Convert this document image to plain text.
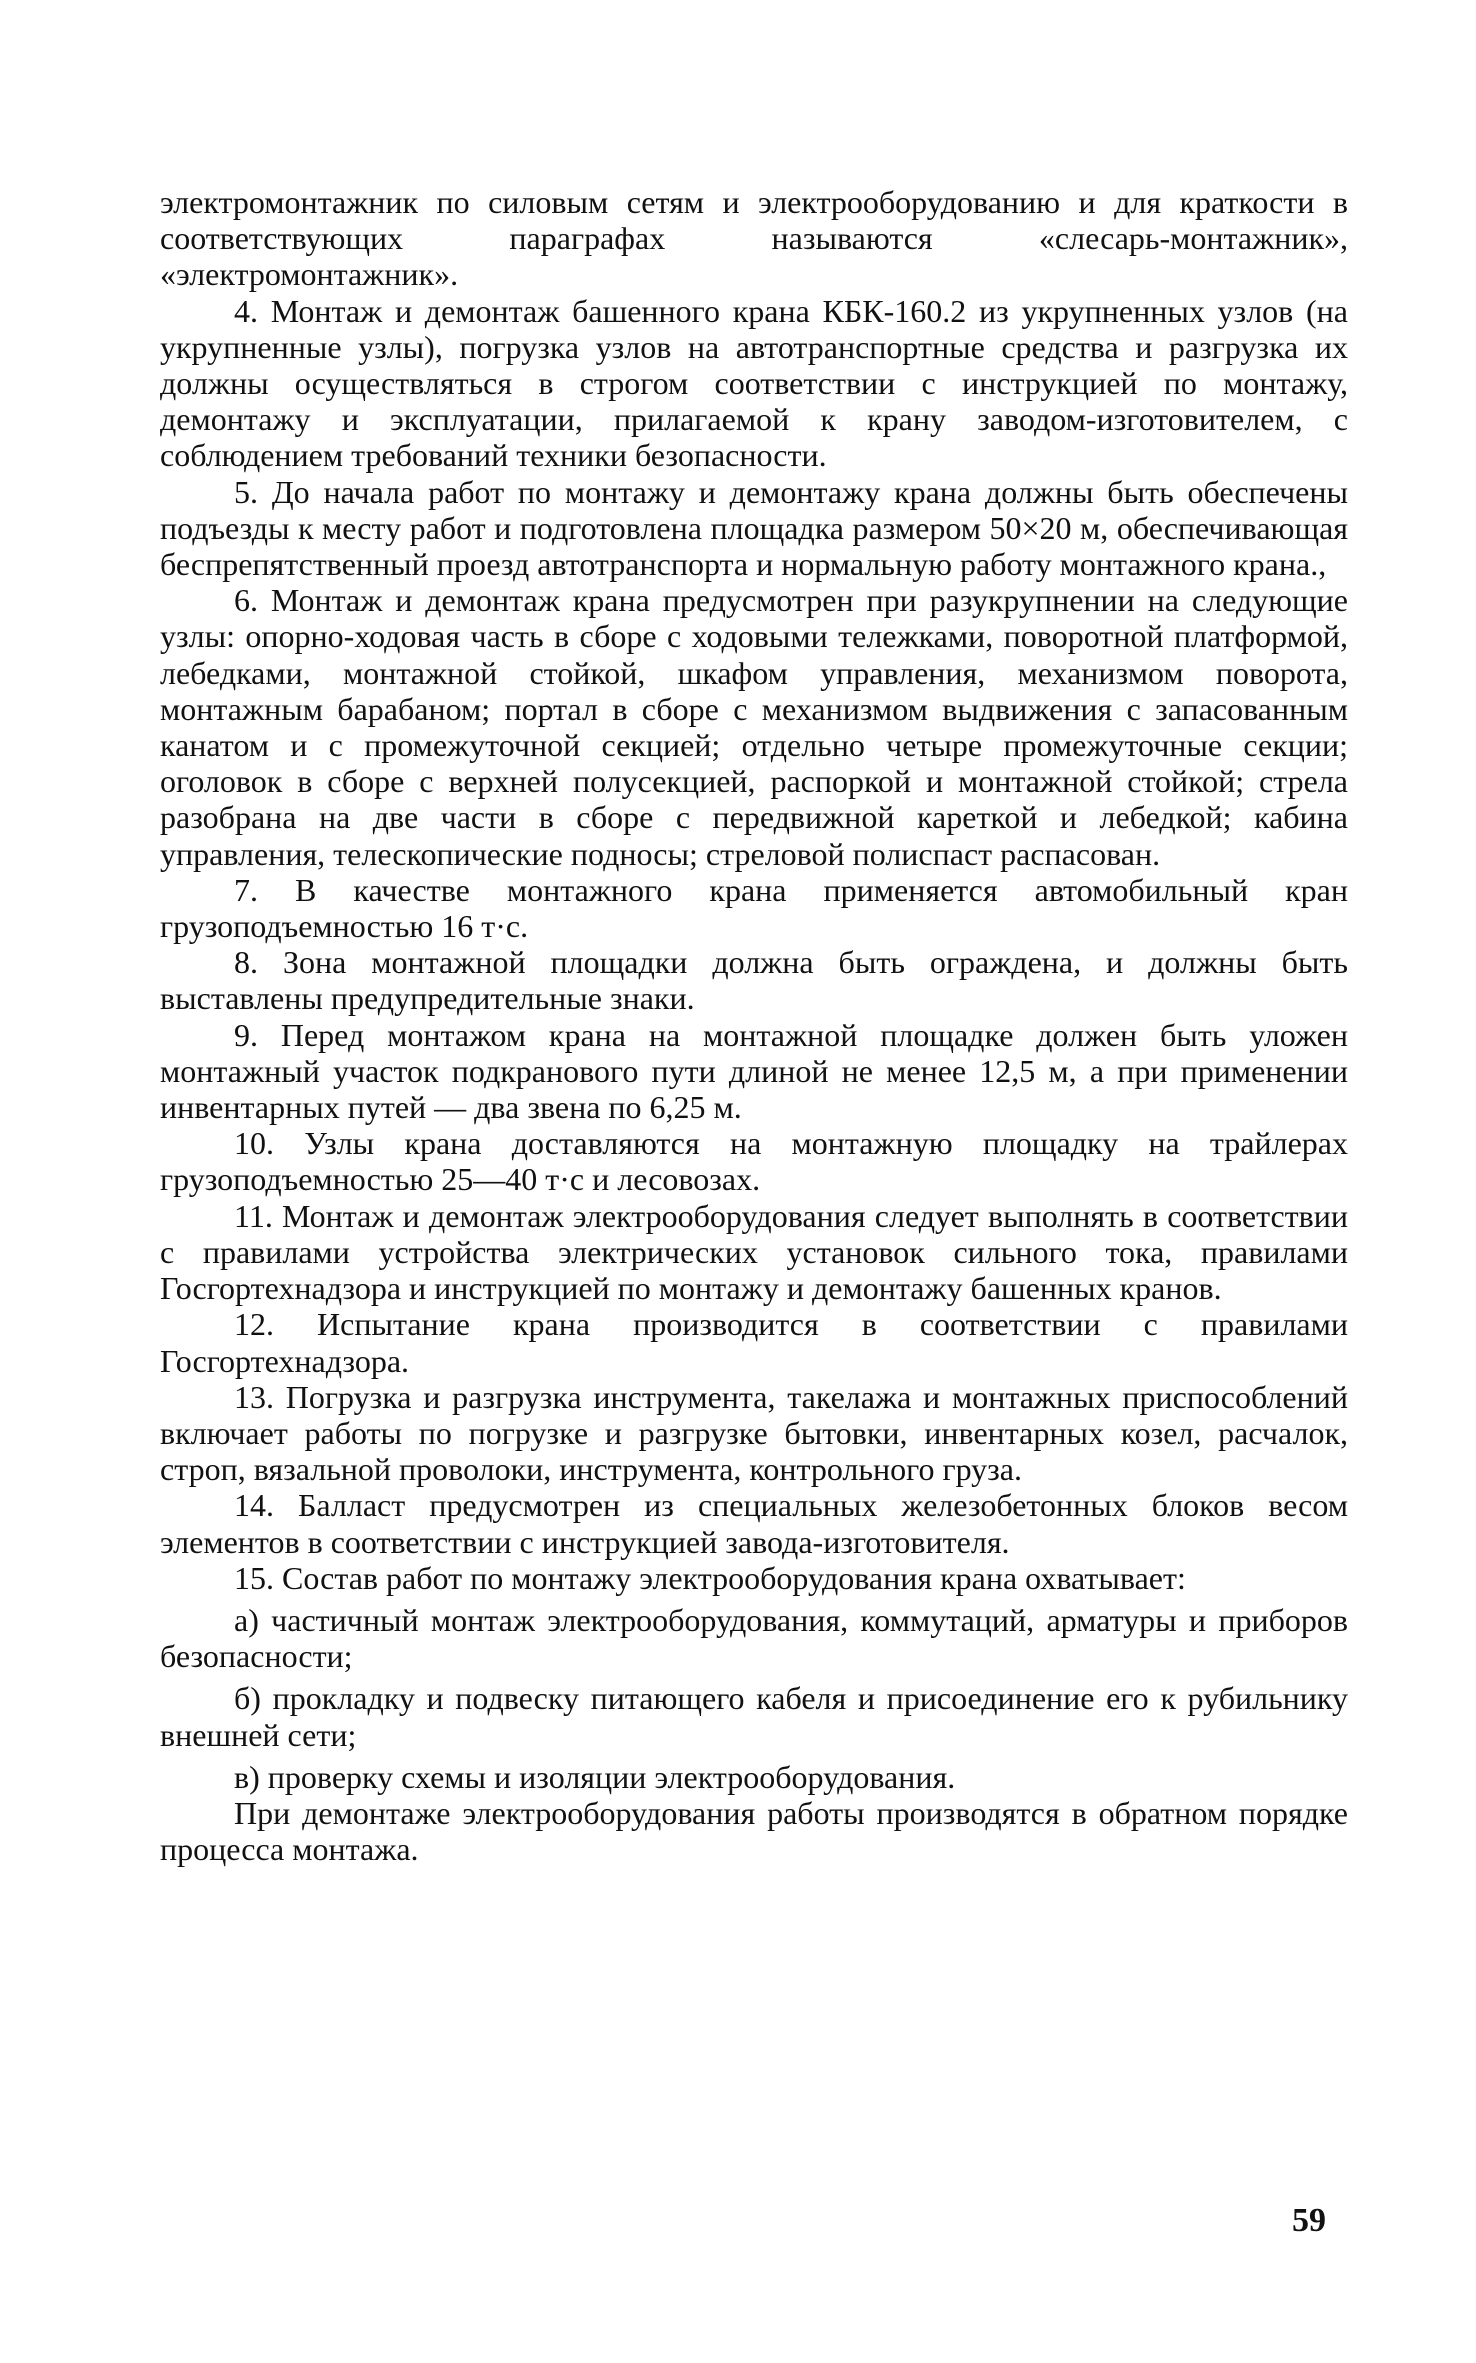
электромонтажник по силовым сетям и электрооборудованию и для краткости в соответствующих параграфах называются «слесарь-монтажник», «электромонтажник».

4. Монтаж и демонтаж башенного крана КБК-160.2 из укрупненных узлов (на укрупненные узлы), погрузка узлов на автотранспортные средства и разгрузка их должны осуществляться в строгом соответствии с инструкцией по монтажу, демонтажу и эксплуатации, прилагаемой к крану заводом-изготовителем, с соблюдением требований техники безопасности.

5. До начала работ по монтажу и демонтажу крана должны быть обеспечены подъезды к месту работ и подготовлена площадка размером 50×20 м, обеспечивающая беспрепятственный проезд автотранспорта и нормальную работу монтажного крана.,

6. Монтаж и демонтаж крана предусмотрен при разукрупнении на следующие узлы: опорно-ходовая часть в сборе с ходовыми тележками, поворотной платформой, лебедками, монтажной стойкой, шкафом управления, механизмом поворота, монтажным барабаном; портал в сборе с механизмом выдвижения с запасованным канатом и с промежуточной секцией; отдельно четыре промежуточные секции; оголовок в сборе с верхней полусекцией, распоркой и монтажной стойкой; стрела разобрана на две части в сборе с передвижной кареткой и лебедкой; кабина управления, телескопические подносы; стреловой полиспаст распасован.

7. В качестве монтажного крана применяется автомобильный кран грузоподъемностью 16 т·с.

8. Зона монтажной площадки должна быть ограждена, и должны быть выставлены предупредительные знаки.

9. Перед монтажом крана на монтажной площадке должен быть уложен монтажный участок подкранового пути длиной не менее 12,5 м, а при применении инвентарных путей — два звена по 6,25 м.

10. Узлы крана доставляются на монтажную площадку на трайлерах грузоподъемностью 25—40 т·с и лесовозах.

11. Монтаж и демонтаж электрооборудования следует выполнять в соответствии с правилами устройства электрических установок сильного тока, правилами Госгортехнадзора и инструкцией по монтажу и демонтажу башенных кранов.

12. Испытание крана производится в соответствии с правилами Госгортехнадзора.

13. Погрузка и разгрузка инструмента, такелажа и монтажных приспособлений включает работы по погрузке и разгрузке бытовки, инвентарных козел, расчалок, строп, вязальной проволоки, инструмента, контрольного груза.

14. Балласт предусмотрен из специальных железобетонных блоков весом элементов в соответствии с инструкцией завода-изготовителя.

15. Состав работ по монтажу электрооборудования крана охватывает:

а) частичный монтаж электрооборудования, коммутаций, арматуры и приборов безопасности;

б) прокладку и подвеску питающего кабеля и присоединение его к рубильнику внешней сети;

в) проверку схемы и изоляции электрооборудования.

При демонтаже электрооборудования работы производятся в обратном порядке процесса монтажа.

59
